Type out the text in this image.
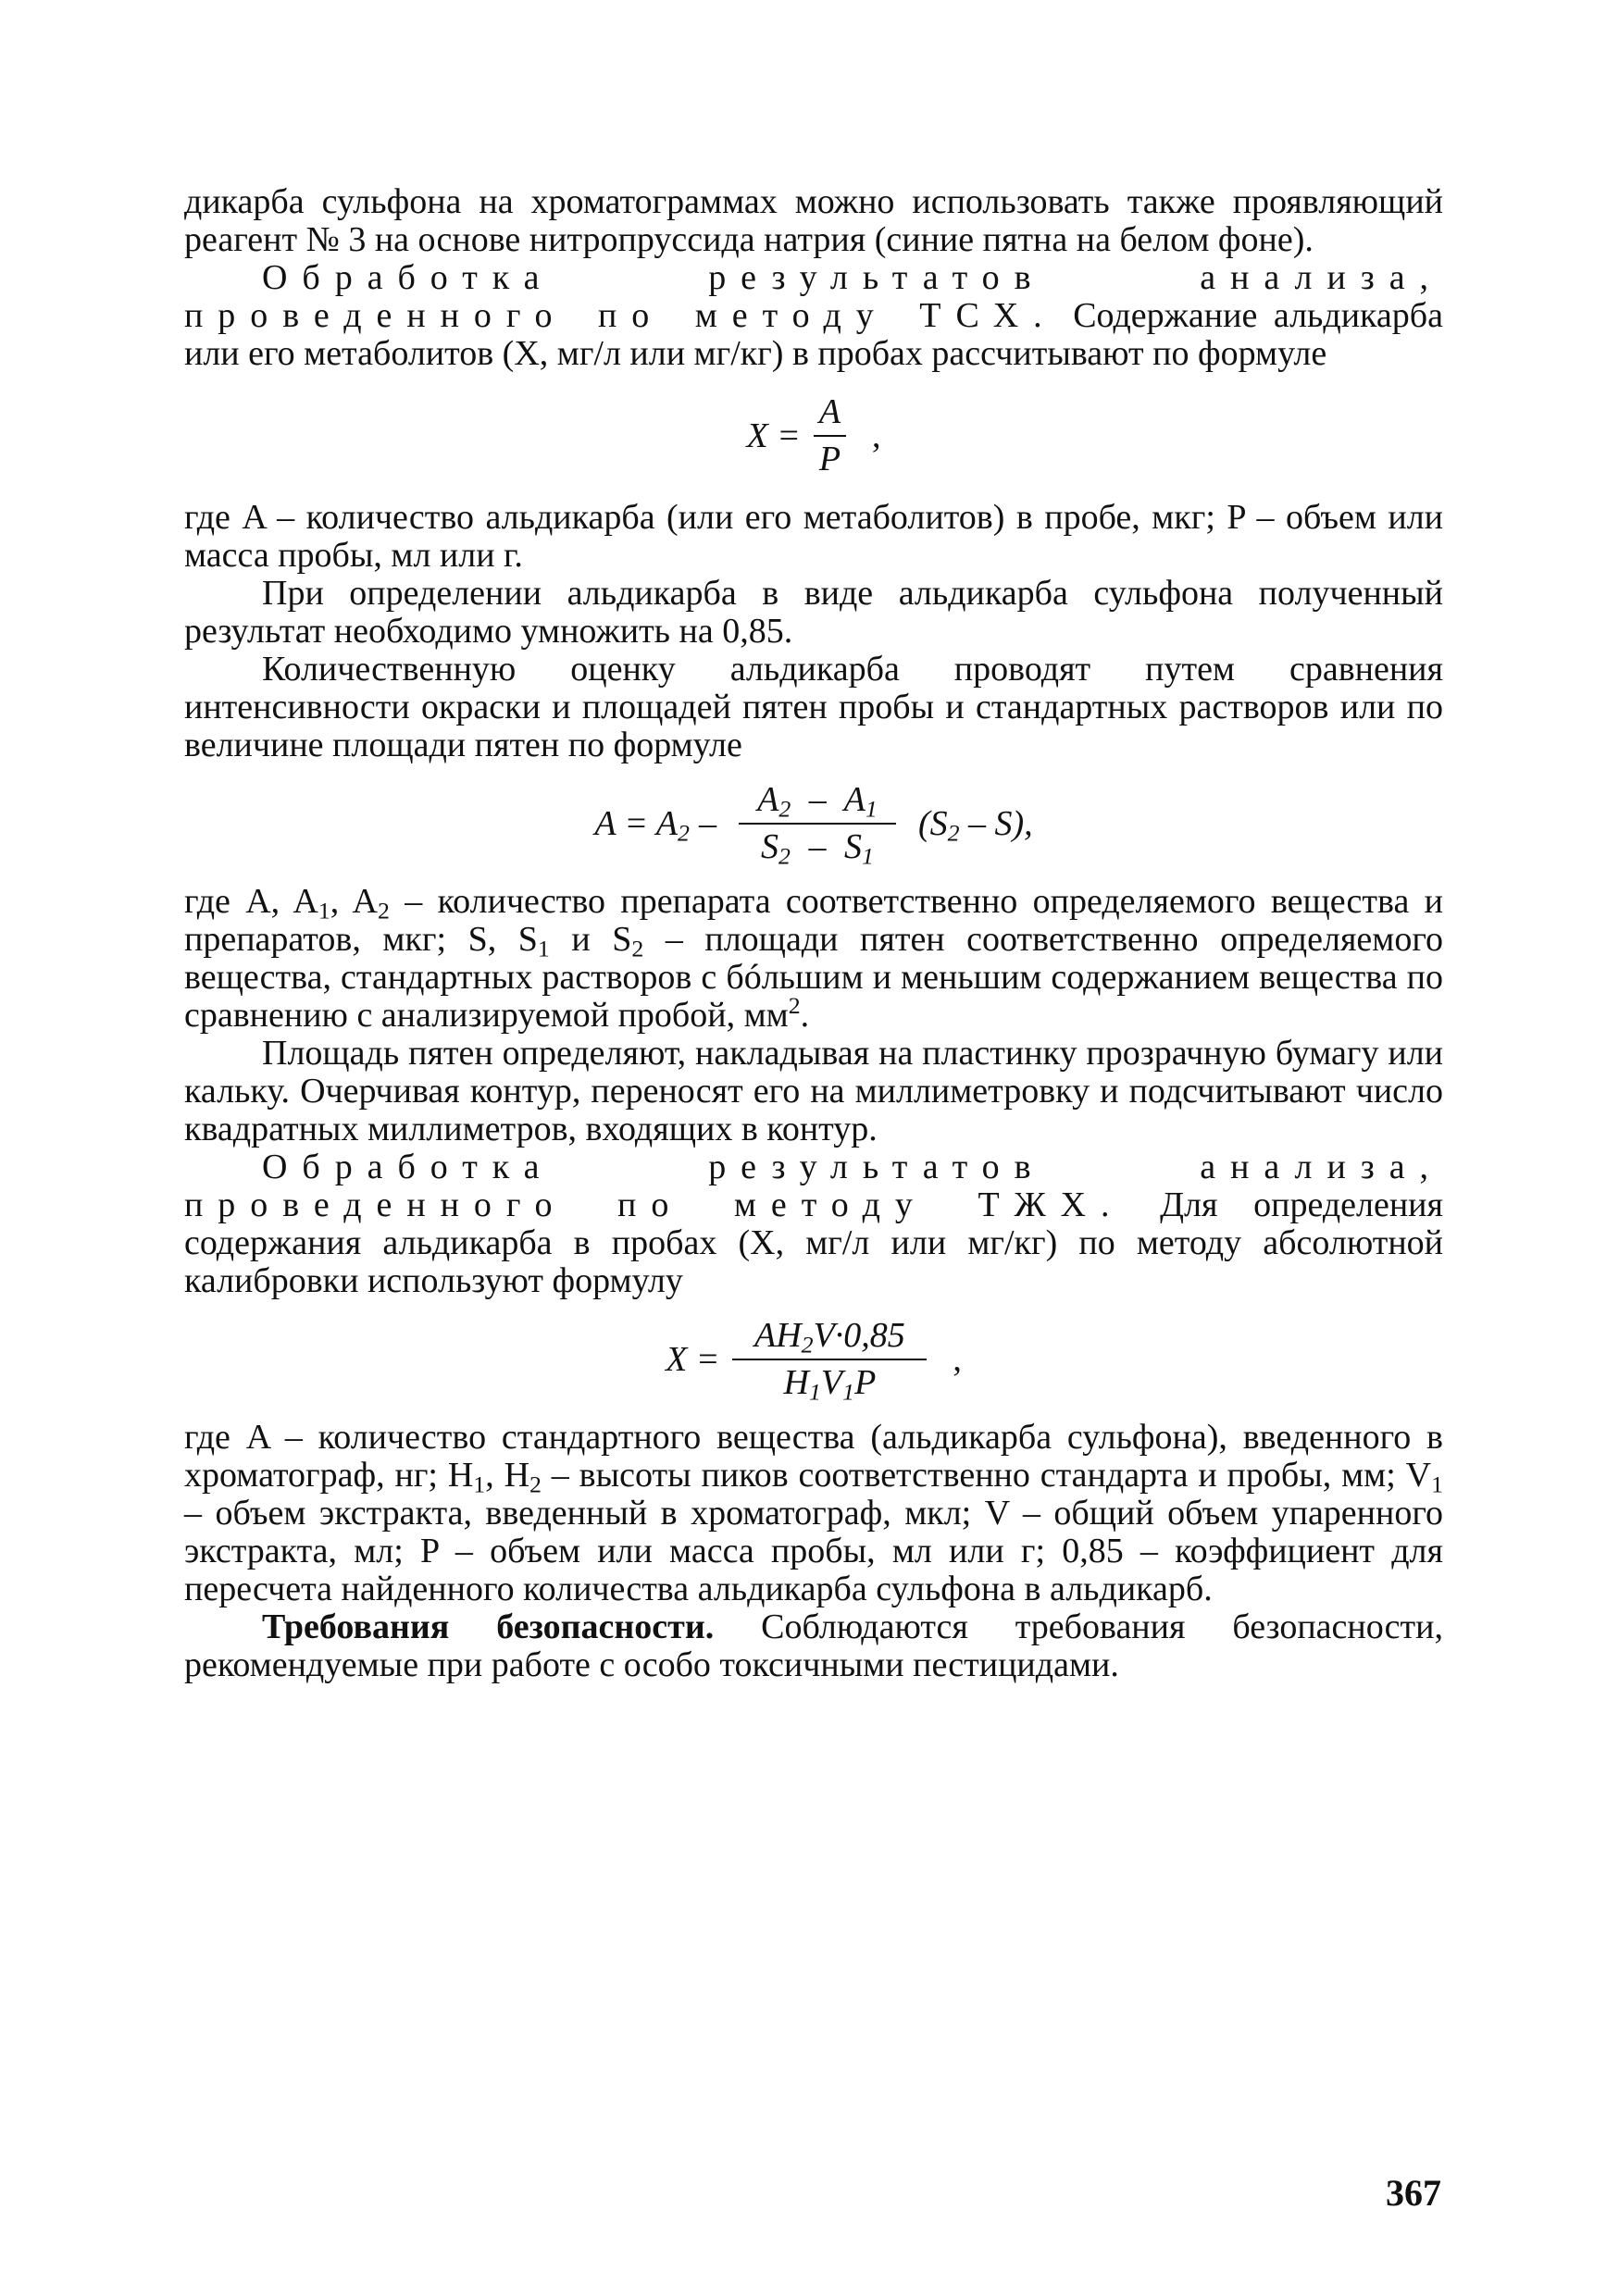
дикарба сульфона на хроматограммах можно использовать также проявляющий реагент № 3 на основе нитропруссида натрия (синие пятна на белом фоне).

Обработка результатов анализа, проведенного по методу ТСХ. Содержание альдикарба или его метаболитов (X, мг/л или мг/кг) в пробах рассчитывают по формуле

$X = \frac{A}{P}$ ,

где A – количество альдикарба (или его метаболитов) в пробе, мкг; P – объем или масса пробы, мл или г.

При определении альдикарба в виде альдикарба сульфона полученный результат необходимо умножить на 0,85.

Количественную оценку альдикарба проводят путем сравнения интенсивности окраски и площадей пятен пробы и стандартных растворов или по величине площади пятен по формуле

$A = A_2 - \frac{A_2 - A_1}{S_2 - S_1} (S_2 - S)$,

где A, $A_1$, $A_2$ – количество препарата соответственно определяемого вещества и препаратов, мкг; S, $S_1$ и $S_2$ – площади пятен соответственно определяемого вещества, стандартных растворов с бóльшим и меньшим содержанием вещества по сравнению с анализируемой пробой, $мм^2$.

Площадь пятен определяют, накладывая на пластинку прозрачную бумагу или кальку. Очерчивая контур, переносят его на миллиметровку и подсчитывают число квадратных миллиметров, входящих в контур.

Обработка результатов анализа, проведенного по методу ТЖХ. Для определения содержания альдикарба в пробах (X, мг/л или мг/кг) по методу абсолютной калибровки используют формулу

$X = \frac{AH_2V\cdot 0,85}{H_1V_1P}$ ,

где A – количество стандартного вещества (альдикарба сульфона), введенного в хроматограф, нг; $H_1$, $H_2$ – высоты пиков соответственно стандарта и пробы, мм; $V_1$ – объем экстракта, введенный в хроматограф, мкл; V – общий объем упаренного экстракта, мл; P – объем или масса пробы, мл или г; 0,85 – коэффициент для пересчета найденного количества альдикарба сульфона в альдикарб.

Требования безопасности. Соблюдаются требования безопасности, рекомендуемые при работе с особо токсичными пестицидами.

367
